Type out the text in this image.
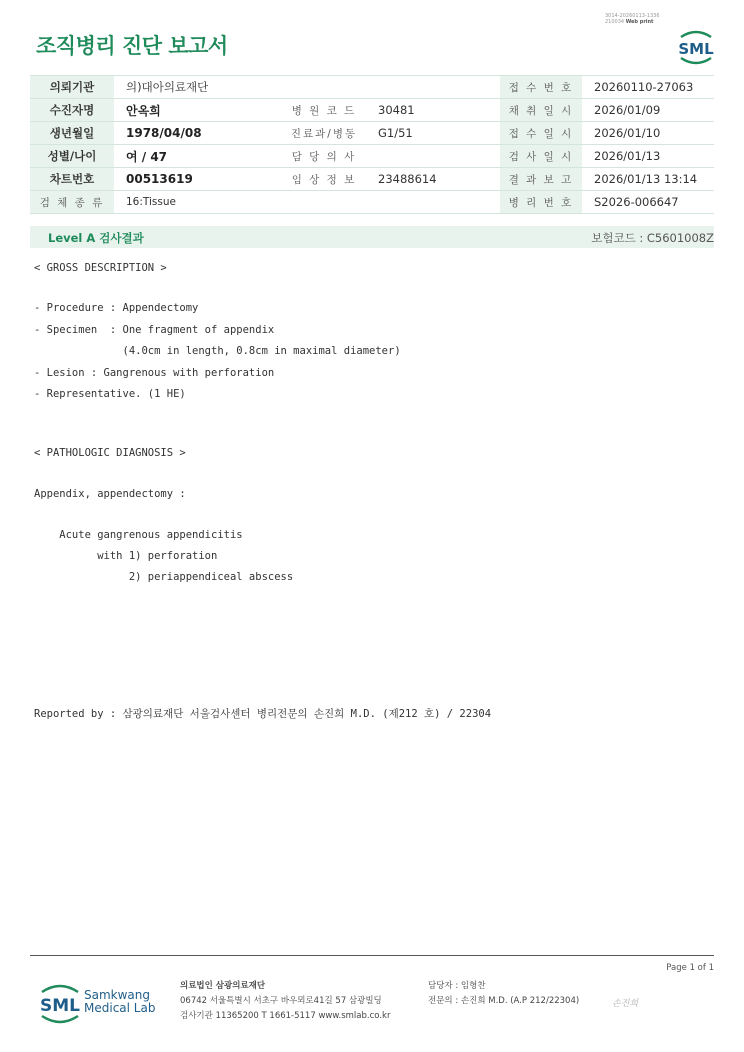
3014-20260113-1336
210034 Web print
조직병리 진단 보고서	SML
의뢰기관	의)대아의료재단			접 수 번 호	20260110-27063
수진자명	안옥희	병 원 코 드	30481	채 취 일 시	2026/01/09
생년월일	1978/04/08	진료과/병동	G1/51	접 수 일 시	2026/01/10
성별/나이	여 / 47	담 당 의 사		검 사 일 시	2026/01/13
차트번호	00513619	임 상 정 보	23488614	결 과 보 고	2026/01/13 13:14
검 체 종 류	16:Tissue			병 리 번 호	S2026-006647
Level A 검사결과	보험코드 : C5601008Z
< GROSS DESCRIPTION >
- Procedure : Appendectomy
- Specimen  : One fragment of appendix
(4.0cm in length, 0.8cm in maximal diameter)
- Lesion : Gangrenous with perforation
- Representative. (1 HE)
< PATHOLOGIC DIAGNOSIS >
Appendix, appendectomy :
Acute gangrenous appendicitis
with 1) perforation
2) periappendiceal abscess
Reported by : 삼광의료재단 서울검사센터 병리전문의 손진희 M.D. (제212 호) / 22304
Page 1 of 1
SML
Samkwang
Medical Lab
의료법인 삼광의료재단
06742 서울특별시 서초구 바우뫼로41길 57 삼광빌딩
검사기관 11365200 T 1661-5117 www.smlab.co.kr
담당자 : 임형찬
전문의 : 손진희 M.D. (A.P 212/22304)	손진희
